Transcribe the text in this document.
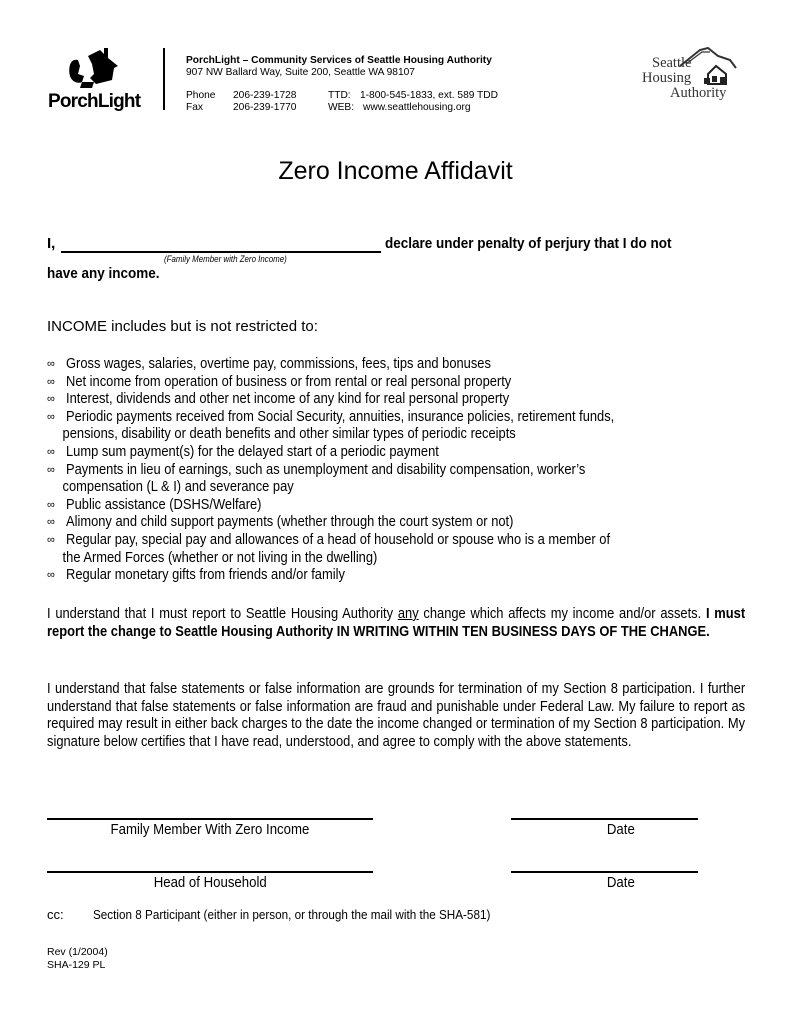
PorchLight
PorchLight – Community Services of Seattle Housing Authority
907 NW Ballard Way, Suite 200, Seattle WA 98107
Phone 206-239-1728	TTD: 1-800-545-1833, ext. 589 TDD
Fax	206-239-1770	WEB: www.seattlehousing.org
Seattle
Housing
Authority
Zero Income Affidavit
I,	declare under penalty of perjury that I do not
(Family Member with Zero Income)
have any income.
INCOME includes but is not restricted to:
∞ Gross wages, salaries, overtime pay, commissions, fees, tips and bonuses
∞ Net income from operation of business or from rental or real personal property
∞ Interest, dividends and other net income of any kind for real personal property
∞ Periodic payments received from Social Security, annuities, insurance policies, retirement funds,
pensions, disability or death benefits and other similar types of periodic receipts
∞ Lump sum payment(s) for the delayed start of a periodic payment
∞ Payments in lieu of earnings, such as unemployment and disability compensation, worker’s
compensation (L & I) and severance pay
∞ Public assistance (DSHS/Welfare)
∞ Alimony and child support payments (whether through the court system or not)
∞ Regular pay, special pay and allowances of a head of household or spouse who is a member of
the Armed Forces (whether or not living in the dwelling)
∞ Regular monetary gifts from friends and/or family
I understand that I must report to Seattle Housing Authority any change which affects my income and/or assets. I must report the change to Seattle Housing Authority IN WRITING WITHIN TEN BUSINESS DAYS OF THE CHANGE.
I understand that false statements or false information are grounds for termination of my Section 8 participation. I further understand that false statements or false information are fraud and punishable under Federal Law. My failure to report as required may result in either back charges to the date the income changed or termination of my Section 8 participation. My signature below certifies that I have read, understood, and agree to comply with the above statements.
Family Member With Zero Income	Date
Head of Household	Date
cc: Section 8 Participant (either in person, or through the mail with the SHA-581)
Rev (1/2004)
SHA-129 PL
